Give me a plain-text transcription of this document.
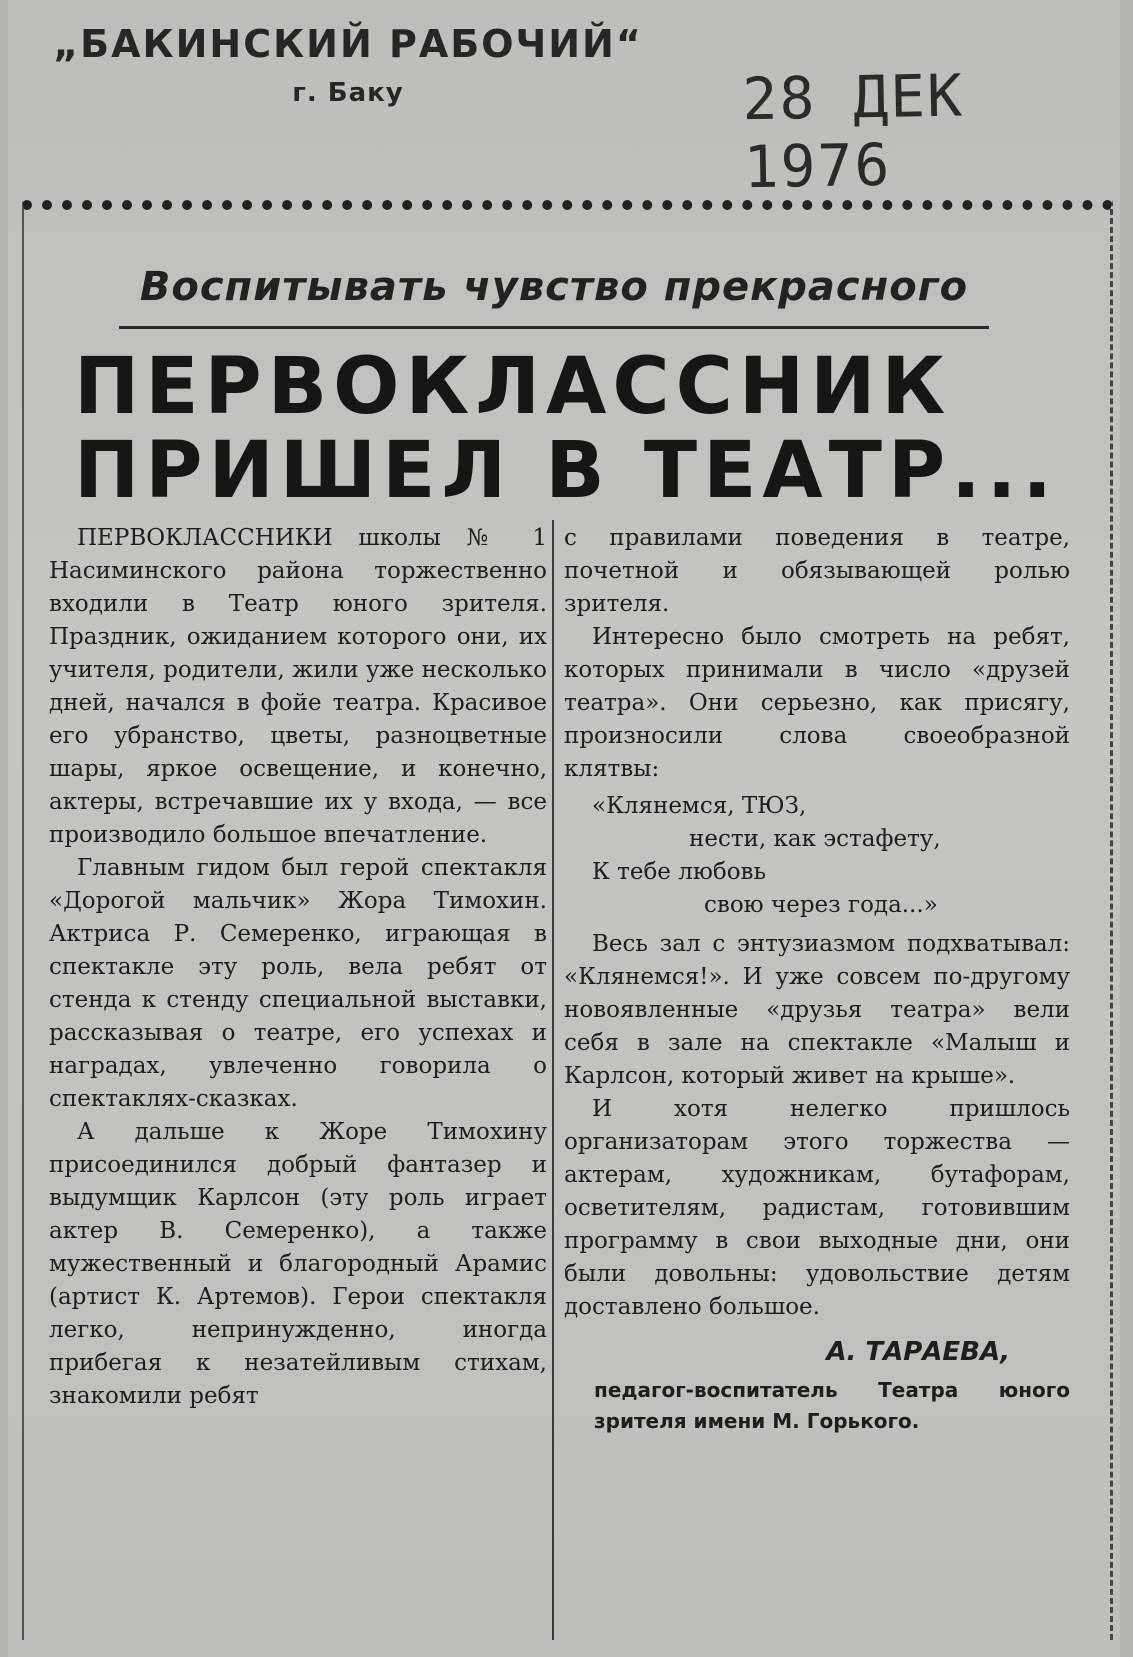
„БАКИНСКИЙ РАБОЧИЙ“
г. Баку	28 ДЕК 1976
Воспитывать чувство прекрасного
ПЕРВОКЛАССНИК
ПРИШЕЛ В ТЕАТР...

ПЕРВОКЛАССНИКИ школы № 1 Насиминского района торжественно входили в Театр юного зрителя. Праздник, ожиданием которого они, их учителя, родители, жили уже несколько дней, начался в фойе театра. Красивое его убранство, цветы, разноцветные шары, яркое освещение, и конечно, актеры, встречавшие их у входа, — все производило большое впечатление.

Главным гидом был герой спектакля «Дорогой мальчик» Жора Тимохин. Актриса Р. Семеренко, играющая в спектакле эту роль, вела ребят от стенда к стенду специальной выставки, рассказывая о театре, его успехах и наградах, увлеченно говорила о спектаклях-сказках.

А дальше к Жоре Тимохину присоединился добрый фантазер и выдумщик Карлсон (эту роль играет актер В. Семеренко), а также мужественный и благородный Арамис (артист К. Артемов). Герои спектакля легко, непринужденно, иногда прибегая к незатейливым стихам, знакомили ребят

с правилами поведения в театре, почетной и обязывающей ролью зрителя.

Интересно было смотреть на ребят, которых принимали в число «друзей театра». Они серьезно, как присягу, произносили слова своеобразной клятвы:

«Клянемся, ТЮЗ,
нести, как эстафету,
К тебе любовь
свою через года...»

Весь зал с энтузиазмом подхватывал: «Клянемся!». И уже совсем по-другому новоявленные «друзья театра» вели себя в зале на спектакле «Малыш и Карлсон, который живет на крыше».

И хотя нелегко пришлось организаторам этого торжества — актерам, художникам, бутафорам, осветителям, радистам, готовившим программу в свои выходные дни, они были довольны: удовольствие детям доставлено большое.

А. ТАРАЕВА,
педагог-воспитатель Театра юного зрителя имени М. Горького.
